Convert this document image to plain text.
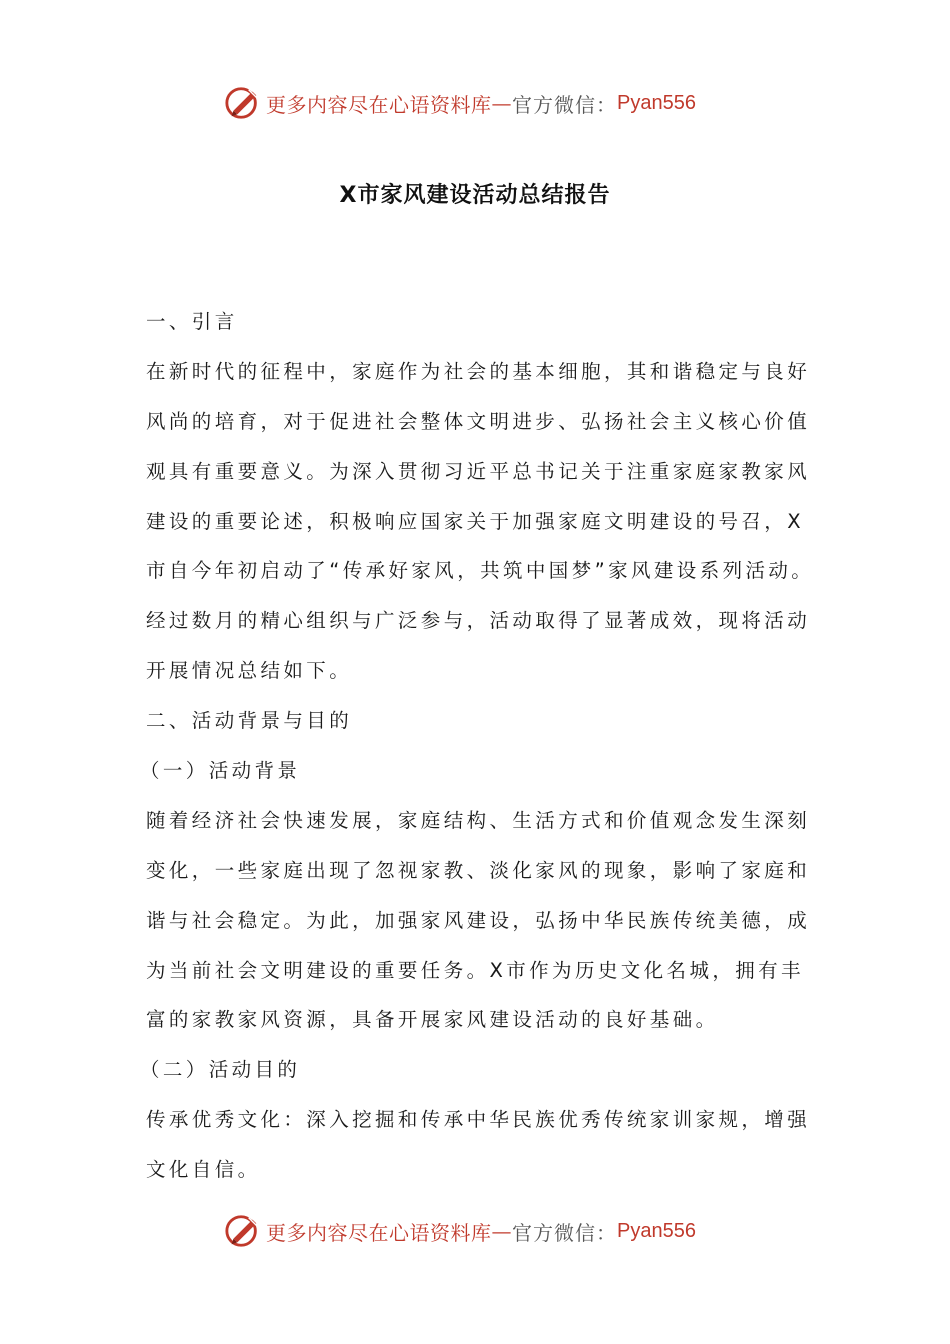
更多内容尽在心语资料库 — 官方微信： Pyan556
X市家风建设活动总结报告
一、引言
在新时代的征程中，家庭作为社会的基本细胞，其和谐稳定与良好
风尚的培育，对于促进社会整体文明进步、弘扬社会主义核心价值
观具有重要意义。为深入贯彻习近平总书记关于注重家庭家教家风
建设的重要论述，积极响应国家关于加强家庭文明建设的号召，X
市自今年初启动了“传承好家风，共筑中国梦”家风建设系列活动。
经过数月的精心组织与广泛参与，活动取得了显著成效，现将活动
开展情况总结如下。
二、活动背景与目的
（一）活动背景
随着经济社会快速发展，家庭结构、生活方式和价值观念发生深刻
变化，一些家庭出现了忽视家教、淡化家风的现象，影响了家庭和
谐与社会稳定。为此，加强家风建设，弘扬中华民族传统美德，成
为当前社会文明建设的重要任务。X市作为历史文化名城，拥有丰
富的家教家风资源，具备开展家风建设活动的良好基础。
（二）活动目的
传承优秀文化：深入挖掘和传承中华民族优秀传统家训家规，增强
文化自信。
更多内容尽在心语资料库 — 官方微信： Pyan556
